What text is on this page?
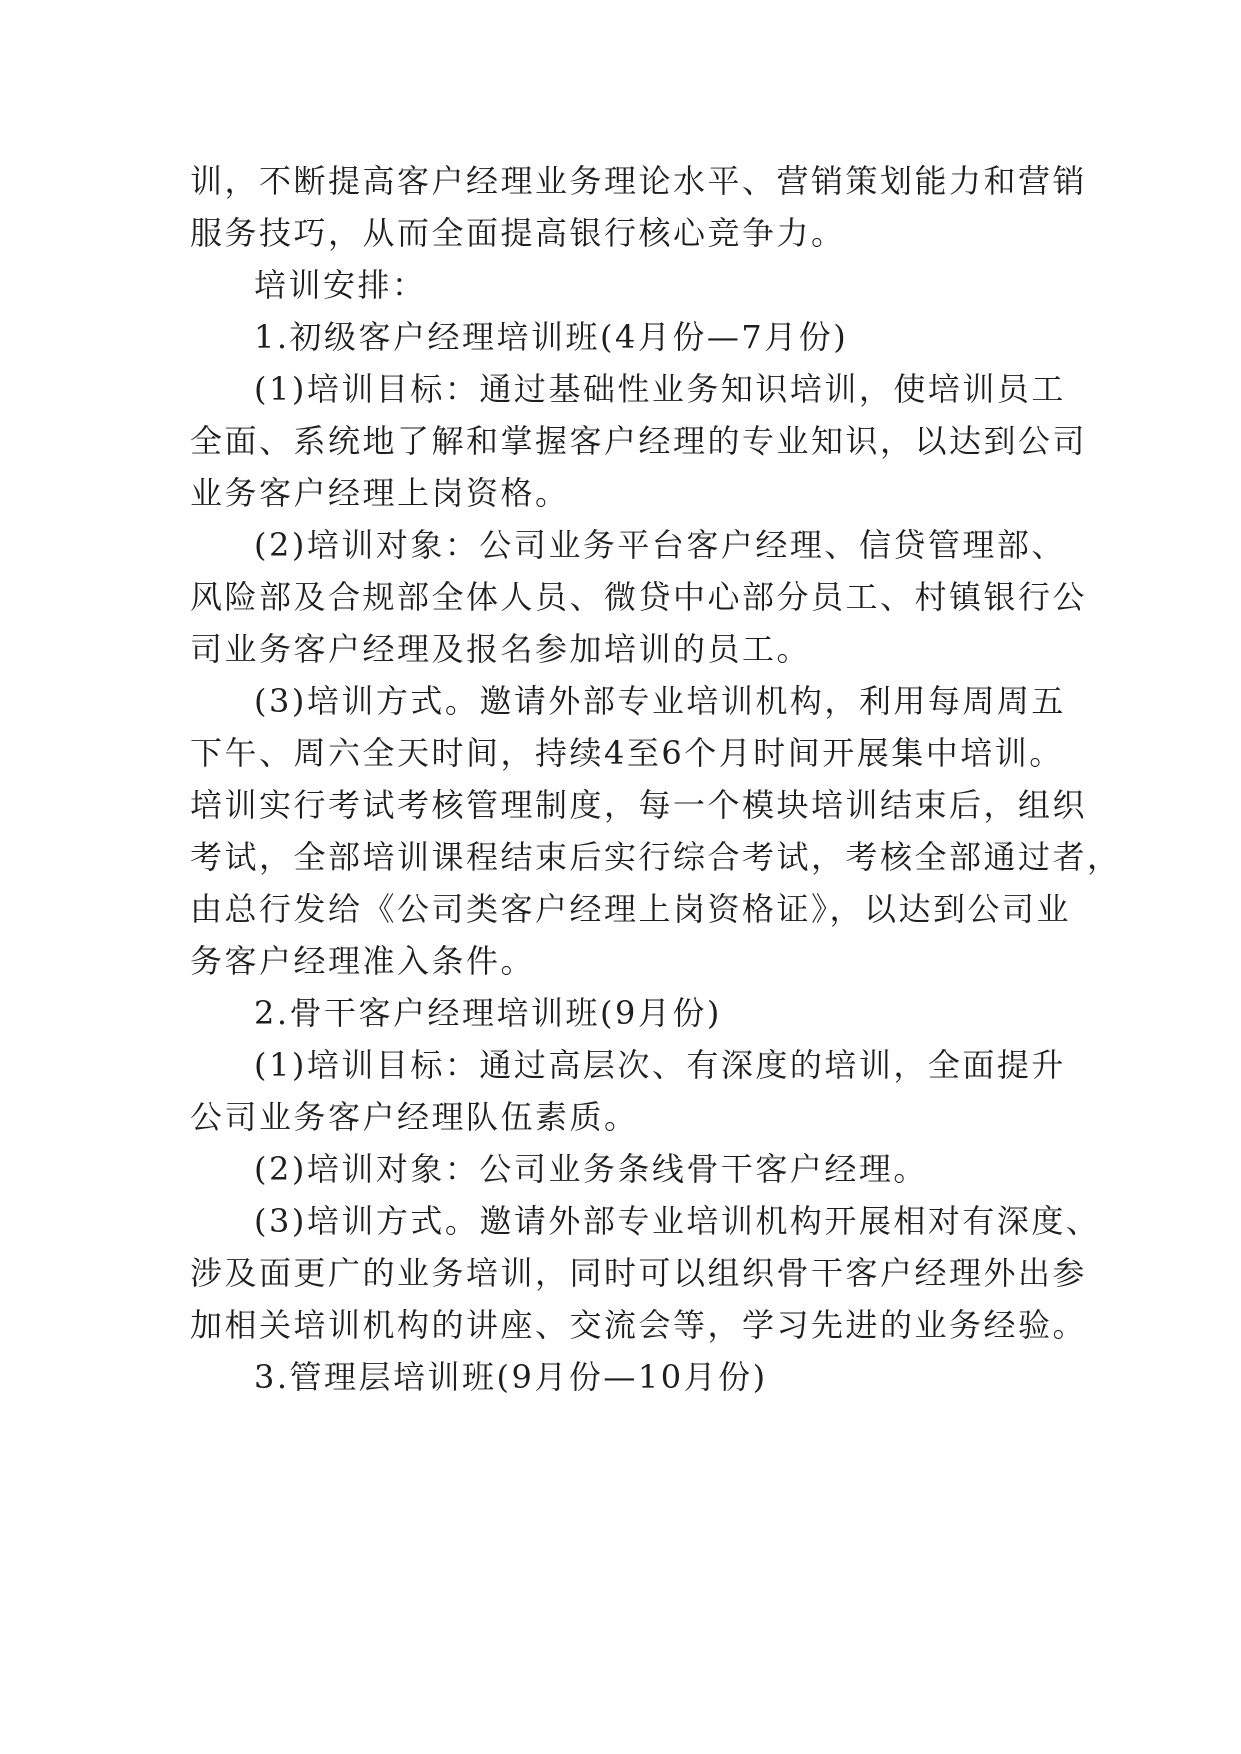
训，不断提高客户经理业务理论水平、营销策划能力和营销
服务技巧，从而全面提高银行核心竞争力。
培训安排：
1.初级客户经理培训班(4月份—7月份)
(1)培训目标：通过基础性业务知识培训，使培训员工
全面、系统地了解和掌握客户经理的专业知识，以达到公司
业务客户经理上岗资格。
(2)培训对象：公司业务平台客户经理、信贷管理部、
风险部及合规部全体人员、微贷中心部分员工、村镇银行公
司业务客户经理及报名参加培训的员工。
(3)培训方式。邀请外部专业培训机构，利用每周周五
下午、周六全天时间，持续4至6个月时间开展集中培训。
培训实行考试考核管理制度，每一个模块培训结束后，组织
考试，全部培训课程结束后实行综合考试，考核全部通过者，
由总行发给《公司类客户经理上岗资格证》，以达到公司业
务客户经理准入条件。
2.骨干客户经理培训班(9月份)
(1)培训目标：通过高层次、有深度的培训，全面提升
公司业务客户经理队伍素质。
(2)培训对象：公司业务条线骨干客户经理。
(3)培训方式。邀请外部专业培训机构开展相对有深度、
涉及面更广的业务培训，同时可以组织骨干客户经理外出参
加相关培训机构的讲座、交流会等，学习先进的业务经验。
3.管理层培训班(9月份—10月份)
